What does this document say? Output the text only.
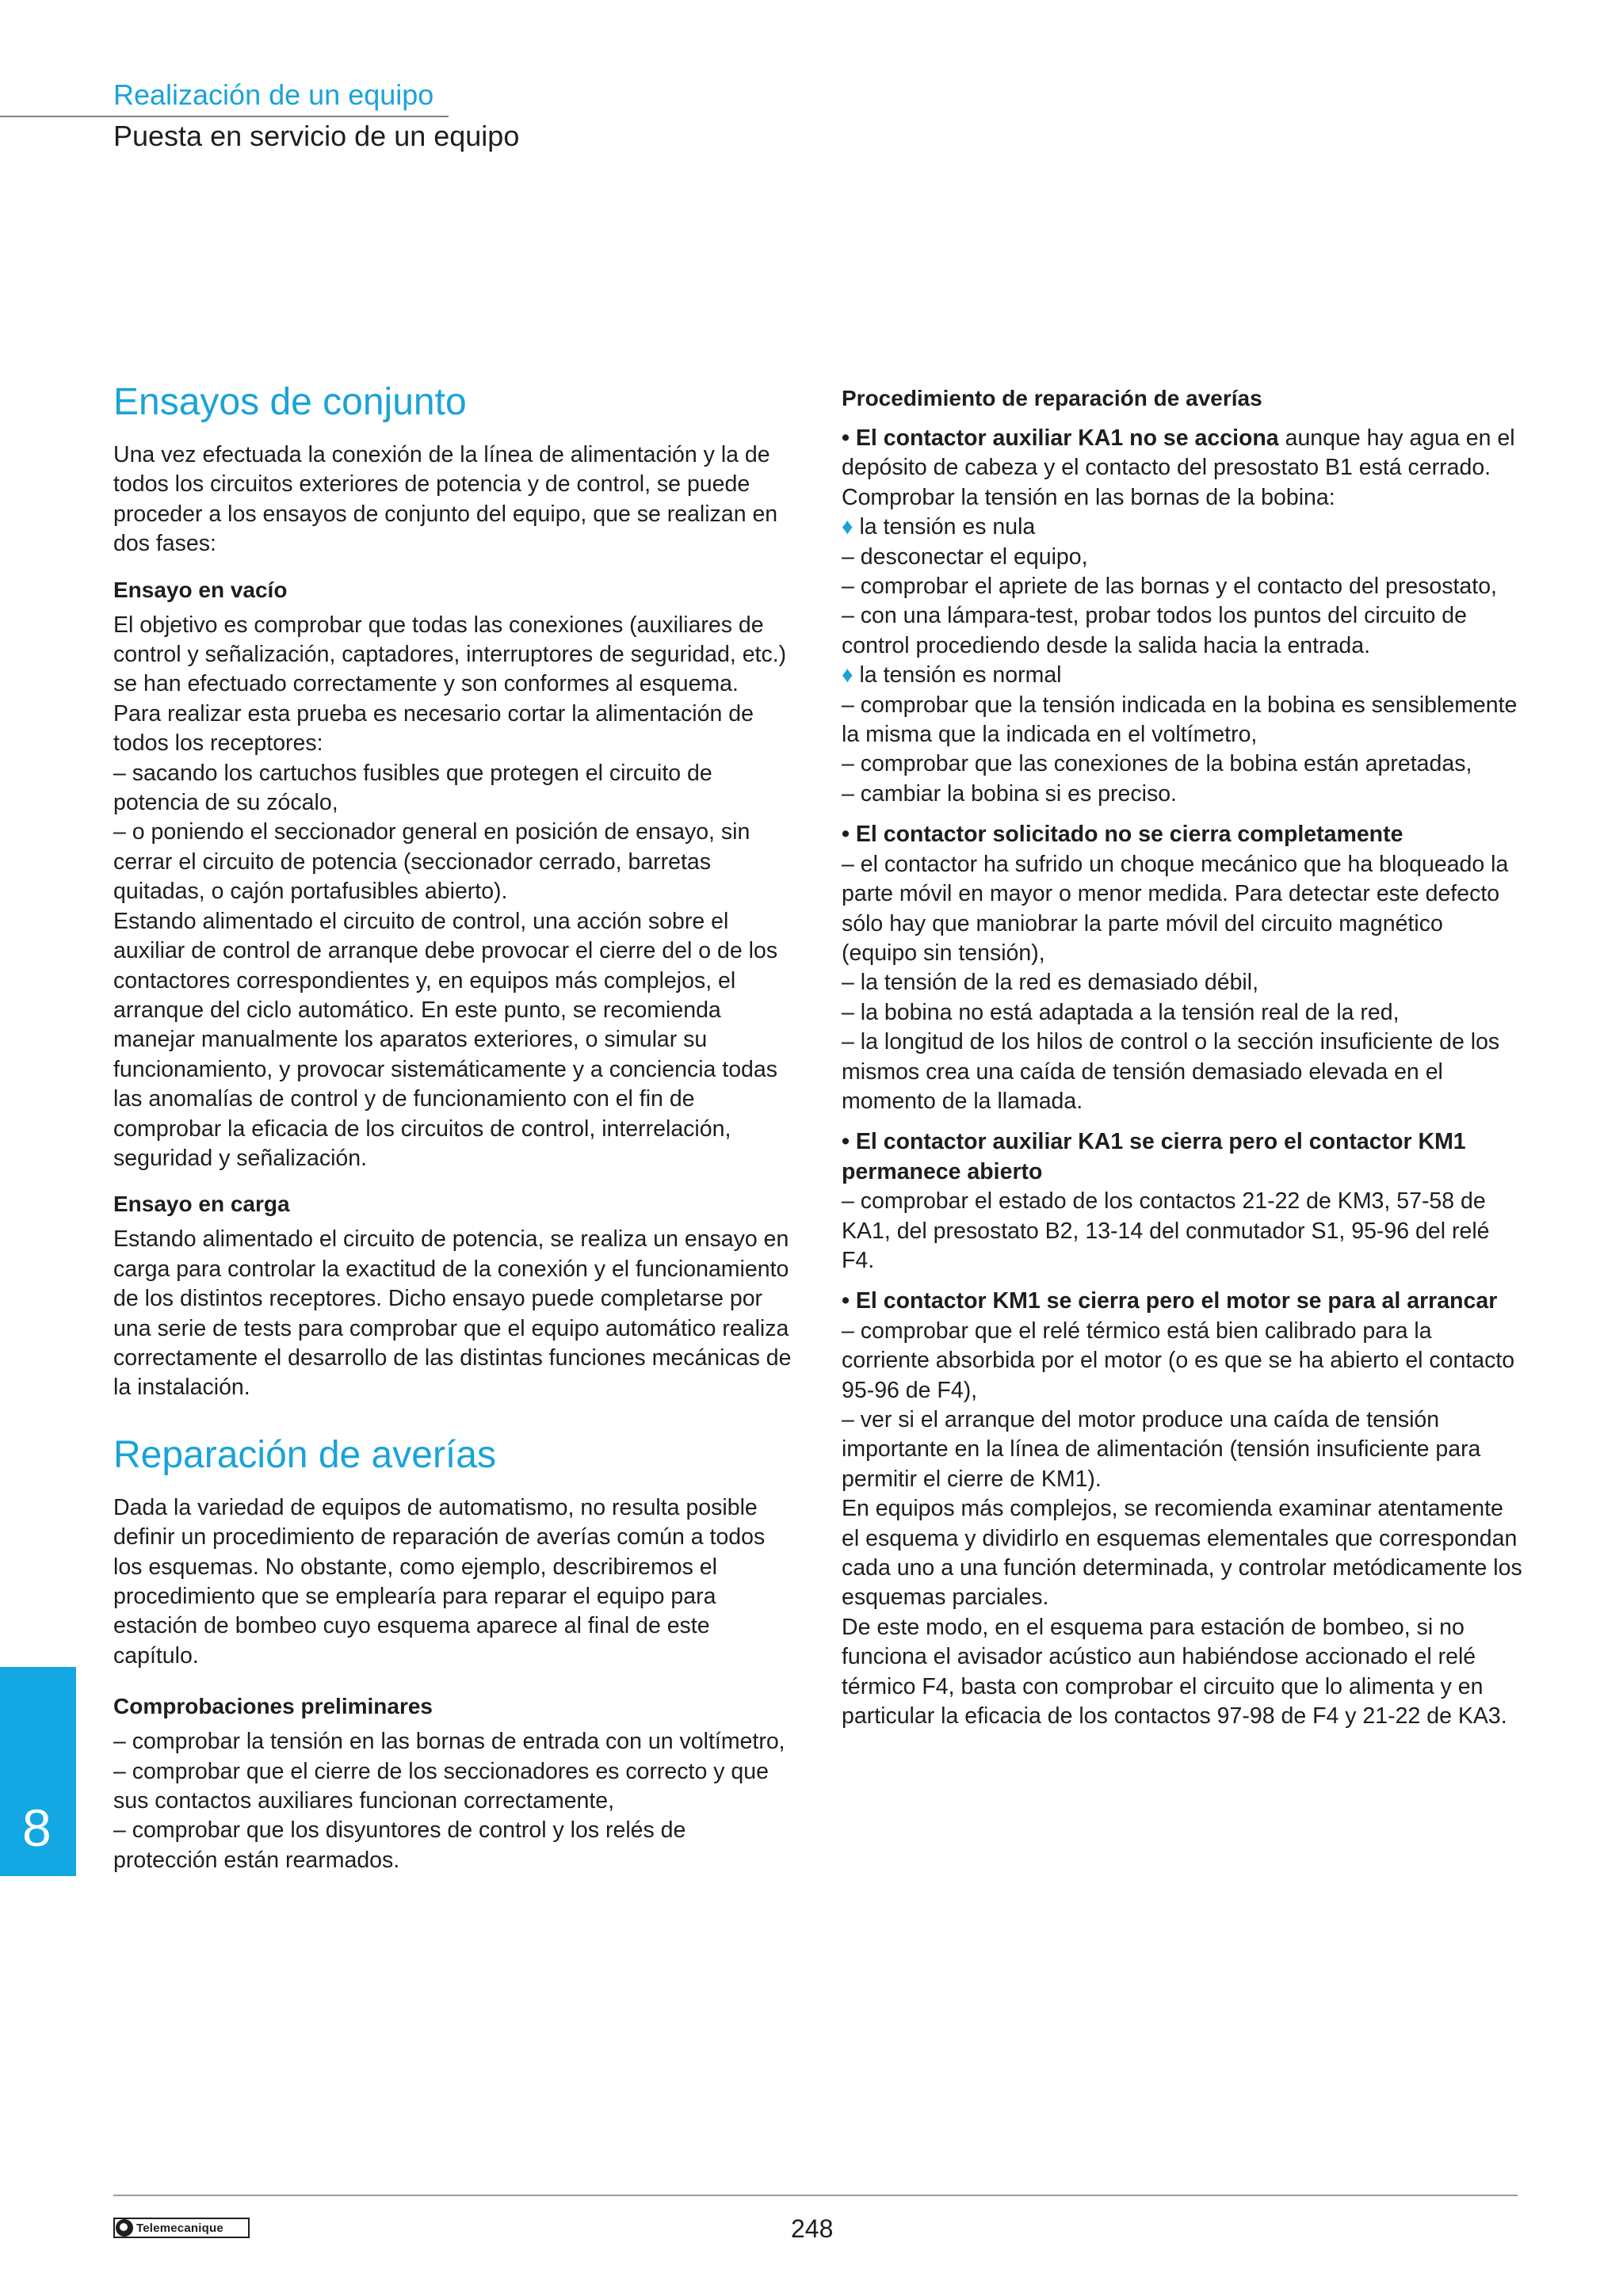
Realización de un equipo
Puesta en servicio de un equipo
Ensayos de conjunto

Una vez efectuada la conexión de la línea de alimentación y la de todos los circuitos exteriores de potencia y de control, se puede proceder a los ensayos de conjunto del equipo, que se realizan en dos fases:

Ensayo en vacío

El objetivo es comprobar que todas las conexiones (auxiliares de control y señalización, captadores, interruptores de seguridad, etc.) se han efectuado correctamente y son conformes al esquema. Para realizar esta prueba es necesario cortar la alimentación de todos los receptores:

– sacando los cartuchos fusibles que protegen el circuito de potencia de su zócalo,

– o poniendo el seccionador general en posición de ensayo, sin cerrar el circuito de potencia (seccionador cerrado, barretas quitadas, o cajón portafusibles abierto).

Estando alimentado el circuito de control, una acción sobre el auxiliar de control de arranque debe provocar el cierre del o de los contactores correspondientes y, en equipos más complejos, el arranque del ciclo automático. En este punto, se recomienda manejar manualmente los aparatos exteriores, o simular su funcionamiento, y provocar sistemáticamente y a conciencia todas las anomalías de control y de funcionamiento con el fin de comprobar la eficacia de los circuitos de control, interrelación, seguridad y señalización.

Ensayo en carga

Estando alimentado el circuito de potencia, se realiza un ensayo en carga para controlar la exactitud de la conexión y el funcionamiento de los distintos receptores. Dicho ensayo puede completarse por una serie de tests para comprobar que el equipo automático realiza correctamente el desarrollo de las distintas funciones mecánicas de la instalación.

Reparación de averías

Dada la variedad de equipos de automatismo, no resulta posible definir un procedimiento de reparación de averías común a todos los esquemas. No obstante, como ejemplo, describiremos el procedimiento que se emplearía para reparar el equipo para estación de bombeo cuyo esquema aparece al final de este capítulo.

Comprobaciones preliminares

– comprobar la tensión en las bornas de entrada con un voltímetro,

– comprobar que el cierre de los seccionadores es correcto y que sus contactos auxiliares funcionan correctamente,

– comprobar que los disyuntores de control y los relés de protección están rearmados.

Procedimiento de reparación de averías

• El contactor auxiliar KA1 no se acciona aunque hay agua en el depósito de cabeza y el contacto del presostato B1 está cerrado.

Comprobar la tensión en las bornas de la bobina:

♦ la tensión es nula

– desconectar el equipo,

– comprobar el apriete de las bornas y el contacto del presostato,

– con una lámpara-test, probar todos los puntos del circuito de control procediendo desde la salida hacia la entrada.

♦ la tensión es normal

– comprobar que la tensión indicada en la bobina es sensiblemente la misma que la indicada en el voltímetro,

– comprobar que las conexiones de la bobina están apretadas,

– cambiar la bobina si es preciso.

• El contactor solicitado no se cierra completamente

– el contactor ha sufrido un choque mecánico que ha bloqueado la parte móvil en mayor o menor medida. Para detectar este defecto sólo hay que maniobrar la parte móvil del circuito magnético (equipo sin tensión),

– la tensión de la red es demasiado débil,

– la bobina no está adaptada a la tensión real de la red,

– la longitud de los hilos de control o la sección insuficiente de los mismos crea una caída de tensión demasiado elevada en el momento de la llamada.

• El contactor auxiliar KA1 se cierra pero el contactor KM1 permanece abierto

– comprobar el estado de los contactos 21-22 de KM3, 57-58 de KA1, del presostato B2, 13-14 del conmutador S1, 95-96 del relé F4.

• El contactor KM1 se cierra pero el motor se para al arrancar

– comprobar que el relé térmico está bien calibrado para la corriente absorbida por el motor (o es que se ha abierto el contacto 95-96 de F4),

– ver si el arranque del motor produce una caída de tensión importante en la línea de alimentación (tensión insuficiente para permitir el cierre de KM1).

En equipos más complejos, se recomienda examinar atentamente el esquema y dividirlo en esquemas elementales que correspondan cada uno a una función determinada, y controlar metódicamente los esquemas parciales.

De este modo, en el esquema para estación de bombeo, si no funciona el avisador acústico aun habiéndose accionado el relé térmico F4, basta con comprobar el circuito que lo alimenta y en particular la eficacia de los contactos 97-98 de F4 y 21-22 de KA3.

8
Telemecanique	248
